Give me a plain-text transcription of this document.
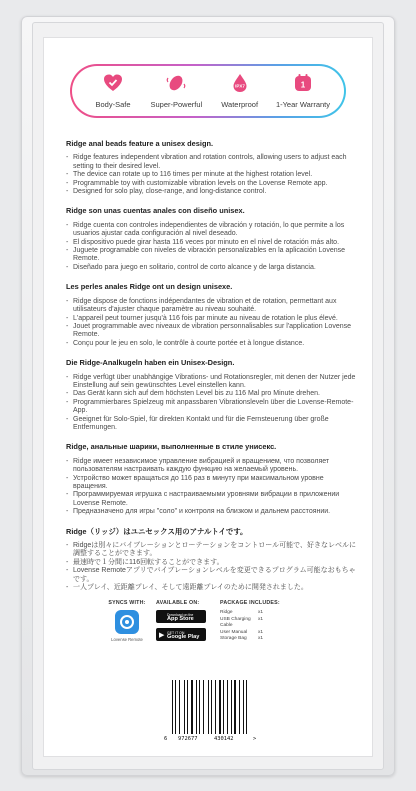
Body-Safe	Super-Powerful
IPX7
Waterproof
1
1-Year Warranty
Ridge anal beads feature a unisex design.
- Ridge features independent vibration and rotation controls, allowing users to adjust each setting to their desired level.
- The device can rotate up to 116 times per minute at the highest rotation level.
- Programmable toy with customizable vibration levels on the Lovense Remote app.
- Designed for solo play, close-range, and long-distance control.
Ridge son unas cuentas anales con diseño unisex.
- Ridge cuenta con controles independientes de vibración y rotación, lo que permite a los usuarios ajustar cada configuración al nivel deseado.
- El dispositivo puede girar hasta 116 veces por minuto en el nivel de rotación más alto.
- Juguete programable con niveles de vibración personalizables en la aplicación Lovense Remote.
- Diseñado para juego en solitario, control de corto alcance y de larga distancia.
Les perles anales Ridge ont un design unisexe.
- Ridge dispose de fonctions indépendantes de vibration et de rotation, permettant aux utilisateurs d'ajuster chaque paramètre au niveau souhaité.
- L'appareil peut tourner jusqu'à 116 fois par minute au niveau de rotation le plus élevé.
- Jouet programmable avec niveaux de vibration personnalisables sur l'application Lovense Remote.
- Conçu pour le jeu en solo, le contrôle à courte portée et à longue distance.
Die Ridge-Analkugeln haben ein Unisex-Design.
- Ridge verfügt über unabhängige Vibrations- und Rotationsregler, mit denen der Nutzer jede Einstellung auf sein gewünschtes Level einstellen kann.
- Das Gerät kann sich auf dem höchsten Level bis zu 116 Mal pro Minute drehen.
- Programmierbares Spielzeug mit anpassbaren Vibrationsleveln über die Lovense-Remote-App.
- Geeignet für Solo-Spiel, für direkten Kontakt und für die Fernsteuerung über große Entfernungen.
Ridge, анальные шарики, выполненные в стиле унисекс.
- Ridge имеет независимое управление вибрацией и вращением, что позволяет пользователям настраивать каждую функцию на желаемый уровень.
- Устройство может вращаться до 116 раз в минуту при максимальном уровне вращения.
- Программируемая игрушка с настраиваемыми уровнями вибрации в приложении Lovense Remote.
- Предназначено для игры "соло" и контроля на близком и дальнем расстоянии.
Ridge（リッジ）はユニセックス用のアナルトイです。
- Ridgeは別々にバイブレーションとローテーションをコントロール可能で、好きなレベルに調整することができます。
- 最速時で１分間に116回転することができます。
- Lovense Remoteアプリでバイブレーションレベルを変更できるプログラム可能なおもちゃです。
- 一人プレイ、近距離プレイ、そして遠距離プレイのために開発されました。
SYNCS WITH:
Lovense Remote
AVAILABLE ON:
Download on the
App Store
▶ GET IT ON
Google Play
PACKAGE INCLUDES:
Ridge	x1
USB Charging Cable
x1
User Manual	x1
Storage Bag	x1
6 972677	430142	>
